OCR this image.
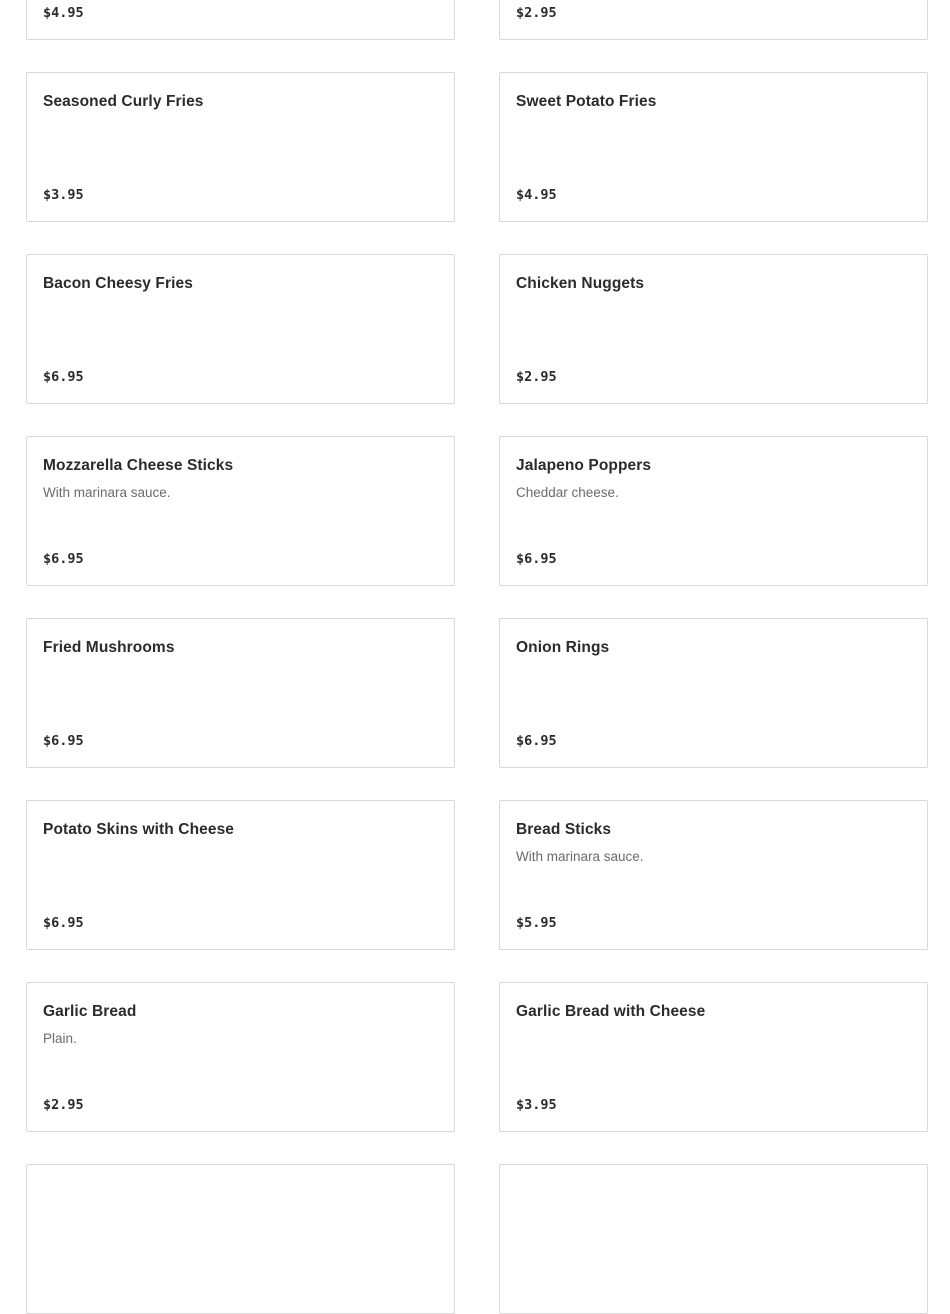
$4.95	$2.95
Seasoned Curly Fries
$3.95
Sweet Potato Fries
$4.95
Bacon Cheesy Fries
$6.95
Chicken Nuggets
$2.95
Mozzarella Cheese Sticks
With marinara sauce.
$6.95
Jalapeno Poppers
Cheddar cheese.
$6.95
Fried Mushrooms
$6.95
Onion Rings
$6.95
Potato Skins with Cheese
$6.95
Bread Sticks
With marinara sauce.
$5.95
Garlic Bread
Plain.
$2.95
Garlic Bread with Cheese
$3.95
